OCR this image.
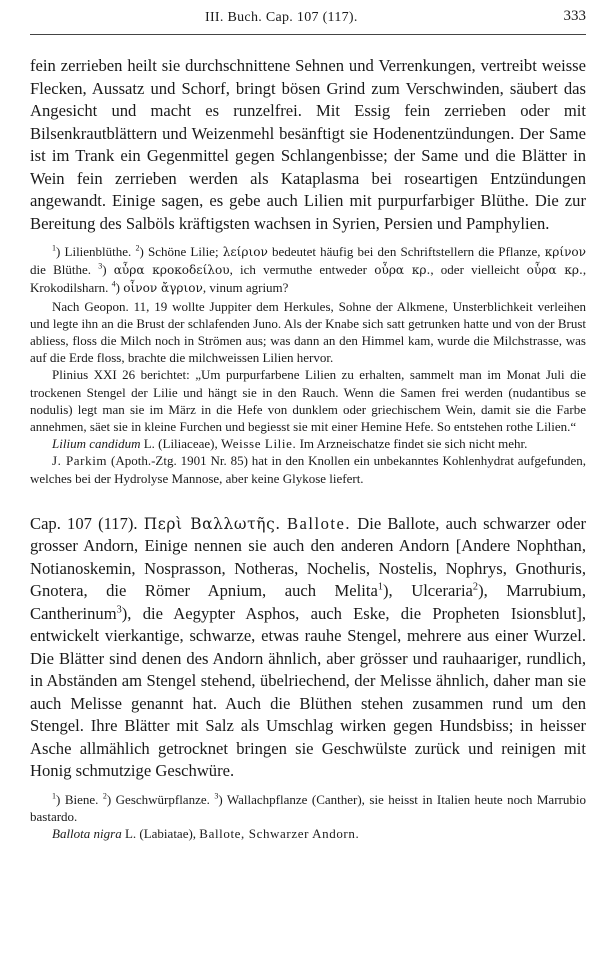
III. Buch. Cap. 107 (117).	333

fein zerrieben heilt sie durchschnittene Sehnen und Verrenkungen, vertreibt weisse Flecken, Aussatz und Schorf, bringt bösen Grind zum Verschwinden, säubert das Angesicht und macht es runzelfrei. Mit Essig fein zerrieben oder mit Bilsenkrautblättern und Weizenmehl besänftigt sie Hodenentzündungen. Der Same ist im Trank ein Gegenmittel gegen Schlangenbisse; der Same und die Blätter in Wein fein zerrieben werden als Kataplasma bei roseartigen Entzündungen angewandt. Einige sagen, es gebe auch Lilien mit purpurfarbiger Blüthe. Die zur Bereitung des Salböls kräftigsten wachsen in Syrien, Persien und Pamphylien.

$^1$) Lilienblüthe. $^2$) Schöne Lilie; λείριον bedeutet häufig bei den Schriftstellern die Pflanze, κρίνον die Blüthe. $^3$) αὖρα κροκοδείλου, ich vermuthe entweder οὖρα κρ., oder vielleicht οὖρα κρ., Krokodilsharn. $^4$) οἶνον ἄγριον, vinum agrium?

Nach Geopon. 11, 19 wollte Juppiter dem Herkules, Sohne der Alkmene, Unsterblichkeit verleihen und legte ihn an die Brust der schlafenden Juno. Als der Knabe sich satt getrunken hatte und von der Brust abliess, floss die Milch noch in Strömen aus; was dann an den Himmel kam, wurde die Milchstrasse, was auf die Erde floss, brachte die milchweissen Lilien hervor.

Plinius XXI 26 berichtet: „Um purpurfarbene Lilien zu erhalten, sammelt man im Monat Juli die trockenen Stengel der Lilie und hängt sie in den Rauch. Wenn die Samen frei werden (nudantibus se nodulis) legt man sie im März in die Hefe von dunklem oder griechischem Wein, damit sie die Farbe annehmen, säet sie in kleine Furchen und begiesst sie mit einer Hemine Hefe. So entstehen rothe Lilien.“

Lilium candidum L. (Liliaceae), Weisse Lilie. Im Arzneischatze findet sie sich nicht mehr.

J. Parkim (Apoth.-Ztg. 1901 Nr. 85) hat in den Knollen ein unbekanntes Kohlenhydrat aufgefunden, welches bei der Hydrolyse Mannose, aber keine Glykose liefert.

Cap. 107 (117). Περὶ Βαλλωτῆς. Ballote. Die Ballote, auch schwarzer oder grosser Andorn, Einige nennen sie auch den anderen Andorn [Andere Nophthan, Notianoskemin, Nosprasson, Notheras, Nochelis, Nostelis, Nophrys, Gnothuris, Gnotera, die Römer Apnium, auch Melita$^1$), Ulceraria$^2$), Marrubium, Cantherinum$^3$), die Aegypter Asphos, auch Eske, die Propheten Isionsblut], entwickelt vierkantige, schwarze, etwas rauhe Stengel, mehrere aus einer Wurzel. Die Blätter sind denen des Andorn ähnlich, aber grösser und rauhaariger, rundlich, in Abständen am Stengel stehend, übelriechend, der Melisse ähnlich, daher man sie auch Melisse genannt hat. Auch die Blüthen stehen zusammen rund um den Stengel. Ihre Blätter mit Salz als Umschlag wirken gegen Hundsbiss; in heisser Asche allmählich getrocknet bringen sie Geschwülste zurück und reinigen mit Honig schmutzige Geschwüre.

$^1$) Biene. $^2$) Geschwürpflanze. $^3$) Wallachpflanze (Canther), sie heisst in Italien heute noch Marrubio bastardo.

Ballota nigra L. (Labiatae), Ballote, Schwarzer Andorn.
